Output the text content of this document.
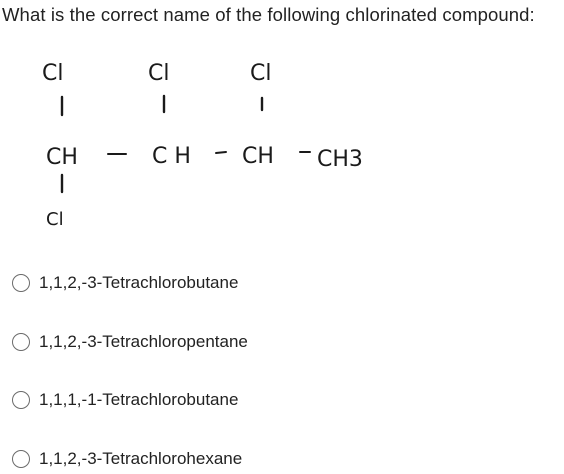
What is the correct name of the following chlorinated compound:
Cl	Cl	Cl
CH	CH CH CH3
Cl
1,1,2,-3-Tetrachlorobutane
1,1,2,-3-Tetrachloropentane
1,1,1,-1-Tetrachlorobutane
1,1,2,-3-Tetrachlorohexane
